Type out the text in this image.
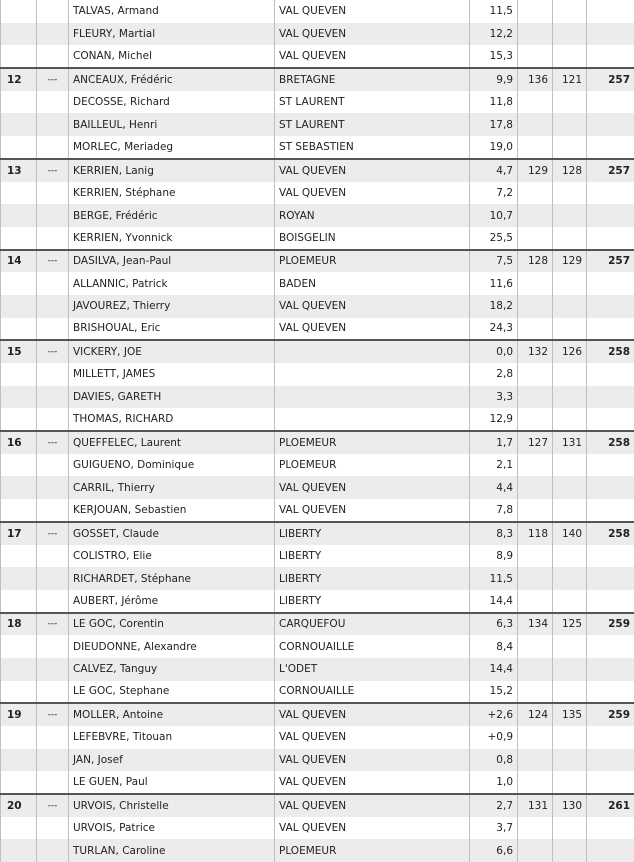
		TALVAS, Armand	VAL QUEVEN	11,5			
		FLEURY, Martial	VAL QUEVEN	12,2			
		CONAN, Michel	VAL QUEVEN	15,3			
12	---	ANCEAUX, Frédéric	BRETAGNE	9,9	136	121	257
		DECOSSE, Richard	ST LAURENT	11,8			
		BAILLEUL, Henri	ST LAURENT	17,8			
		MORLEC, Meriadeg	ST SEBASTIEN	19,0			
13	---	KERRIEN, Lanig	VAL QUEVEN	4,7	129	128	257
		KERRIEN, Stéphane	VAL QUEVEN	7,2			
		BERGE, Frédéric	ROYAN	10,7			
		KERRIEN, Yvonnick	BOISGELIN	25,5			
14	---	DASILVA, Jean-Paul	PLOEMEUR	7,5	128	129	257
		ALLANNIC, Patrick	BADEN	11,6			
		JAVOUREZ, Thierry	VAL QUEVEN	18,2			
		BRISHOUAL, Eric	VAL QUEVEN	24,3			
15	---	VICKERY, JOE		0,0	132	126	258
		MILLETT, JAMES		2,8			
		DAVIES, GARETH		3,3			
		THOMAS, RICHARD		12,9			
16	---	QUEFFELEC, Laurent	PLOEMEUR	1,7	127	131	258
		GUIGUENO, Dominique	PLOEMEUR	2,1			
		CARRIL, Thierry	VAL QUEVEN	4,4			
		KERJOUAN, Sebastien	VAL QUEVEN	7,8			
17	---	GOSSET, Claude	LIBERTY	8,3	118	140	258
		COLISTRO, Elie	LIBERTY	8,9			
		RICHARDET, Stéphane	LIBERTY	11,5			
		AUBERT, Jérôme	LIBERTY	14,4			
18	---	LE GOC, Corentin	CARQUEFOU	6,3	134	125	259
		DIEUDONNE, Alexandre	CORNOUAILLE	8,4			
		CALVEZ, Tanguy	L'ODET	14,4			
		LE GOC, Stephane	CORNOUAILLE	15,2			
19	---	MOLLER, Antoine	VAL QUEVEN	+2,6	124	135	259
		LEFEBVRE, Titouan	VAL QUEVEN	+0,9			
		JAN, Josef	VAL QUEVEN	0,8			
		LE GUEN, Paul	VAL QUEVEN	1,0			
20	---	URVOIS, Christelle	VAL QUEVEN	2,7	131	130	261
		URVOIS, Patrice	VAL QUEVEN	3,7			
		TURLAN, Caroline	PLOEMEUR	6,6			
